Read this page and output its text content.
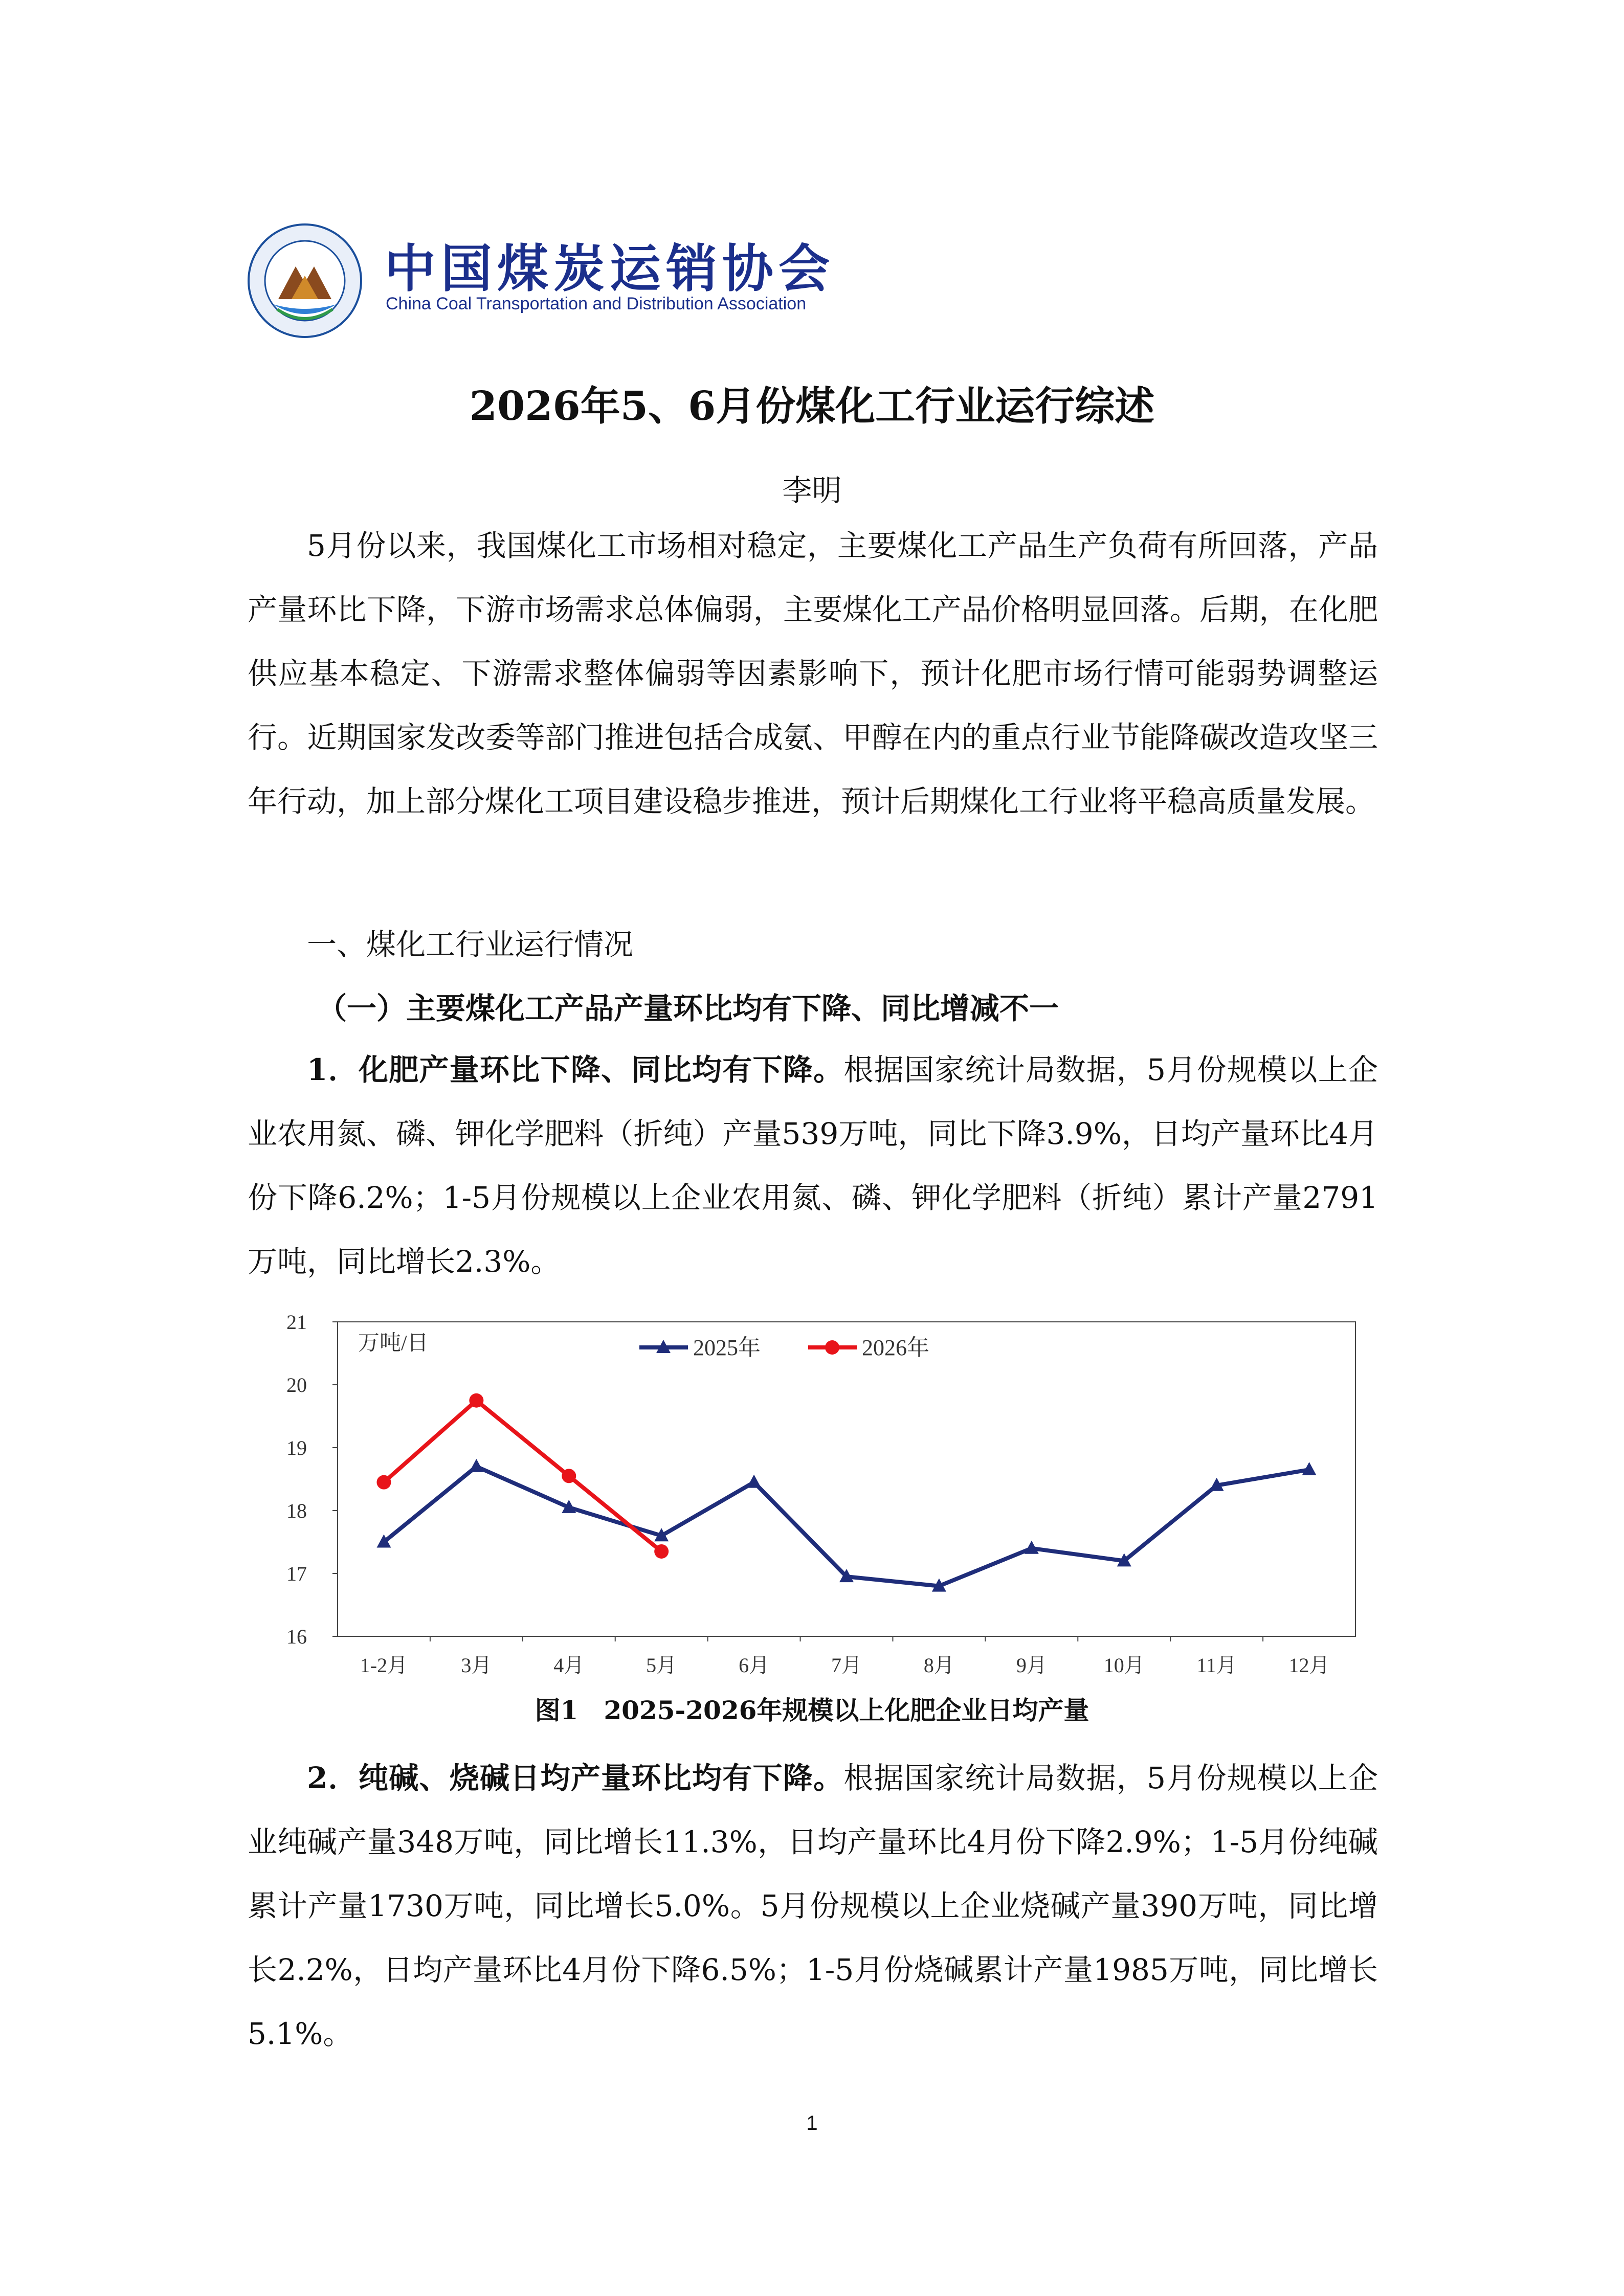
中国煤炭运销协会
China Coal Transportation and Distribution Association
2026年5、6月份煤化工行业运行综述
李明

5月份以来，我国煤化工市场相对稳定，主要煤化工产品生产负荷有所回落，产品产量环比下降，下游市场需求总体偏弱，主要煤化工产品价格明显回落。后期，在化肥供应基本稳定、下游需求整体偏弱等因素影响下，预计化肥市场行情可能弱势调整运行。近期国家发改委等部门推进包括合成氨、甲醇在内的重点行业节能降碳改造攻坚三年行动，加上部分煤化工项目建设稳步推进，预计后期煤化工行业将平稳高质量发展。

一、煤化工行业运行情况
（一）主要煤化工产品产量环比均有下降、同比增减不一

1．化肥产量环比下降、同比均有下降。根据国家统计局数据，5月份规模以上企业农用氮、磷、钾化学肥料（折纯）产量539万吨，同比下降3.9%，日均产量环比4月份下降6.2%；1-5月份规模以上企业农用氮、磷、钾化学肥料（折纯）累计产量2791万吨，同比增长2.3%。

16
17
18
19
20
21
万吨/日
1-2月	3月	4月	5月	6月	7月	8月	9月	10月	11月	12月
2025年	2026年
图1　2025-2026年规模以上化肥企业日均产量

2．纯碱、烧碱日均产量环比均有下降。根据国家统计局数据，5月份规模以上企业纯碱产量348万吨，同比增长11.3%，日均产量环比4月份下降2.9%；1-5月份纯碱累计产量1730万吨，同比增长5.0%。5月份规模以上企业烧碱产量390万吨，同比增长2.2%，日均产量环比4月份下降6.5%；1-5月份烧碱累计产量1985万吨，同比增长5.1%。

1
